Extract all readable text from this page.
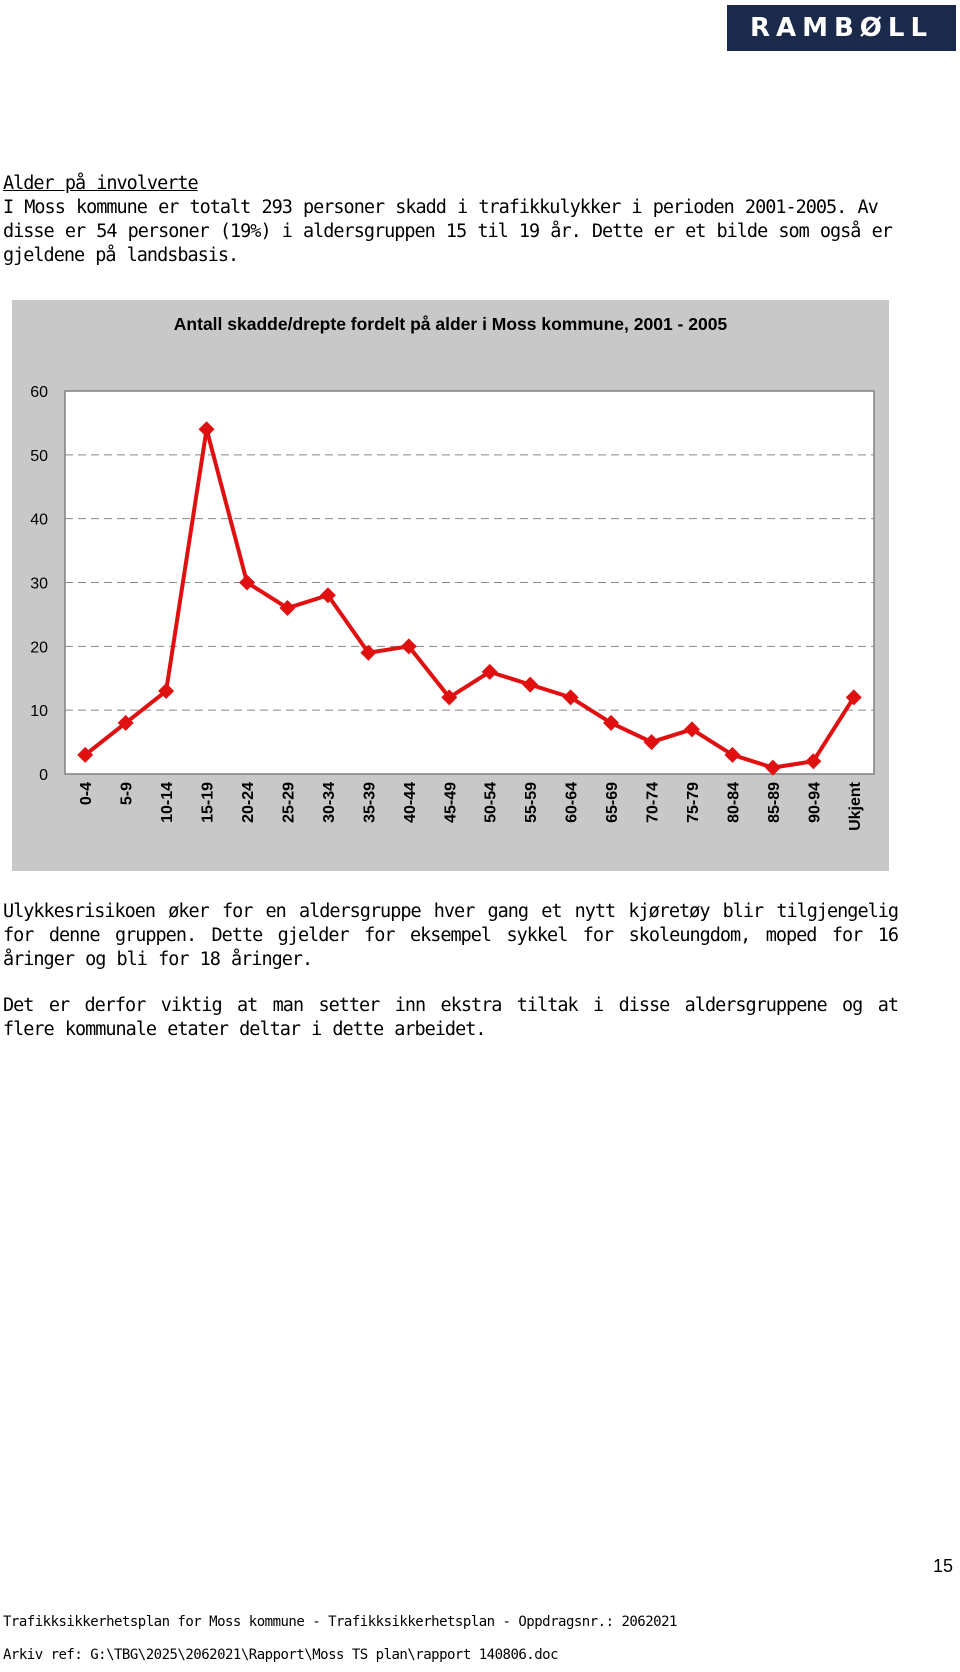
RAMBØLL
Alder på involverte
I Moss kommune er totalt 293 personer skadd i trafikkulykker i perioden 2001-2005. Av disse er 54 personer (19%) i aldersgruppen 15 til 19 år. Dette er et bilde som også er gjeldene på landsbasis.
Antall skadde/drepte fordelt på alder i Moss kommune, 2001 - 2005
0
10
20
30
40
50
60
0-4 5-9 10-14 15-19 20-24 25-29 30-34 35-39 40-44 45-49 50-54 55-59 60-64 65-69 70-74 75-79 80-84 85-89 90-94 Ukjent
Ulykkesrisikoen øker for en aldersgruppe hver gang et nytt kjøretøy blir tilgjengelig for denne gruppen. Dette gjelder for eksempel sykkel for skoleungdom, moped for 16 åringer og bli for 18 åringer.
Det er derfor viktig at man setter inn ekstra tiltak i disse aldersgruppene og at flere kommunale etater deltar i dette arbeidet.
15
Trafikksikkerhetsplan for Moss kommune - Trafikksikkerhetsplan - Oppdragsnr.: 2062021
Arkiv ref: G:\TBG\2025\2062021\Rapport\Moss TS plan\rapport 140806.doc
